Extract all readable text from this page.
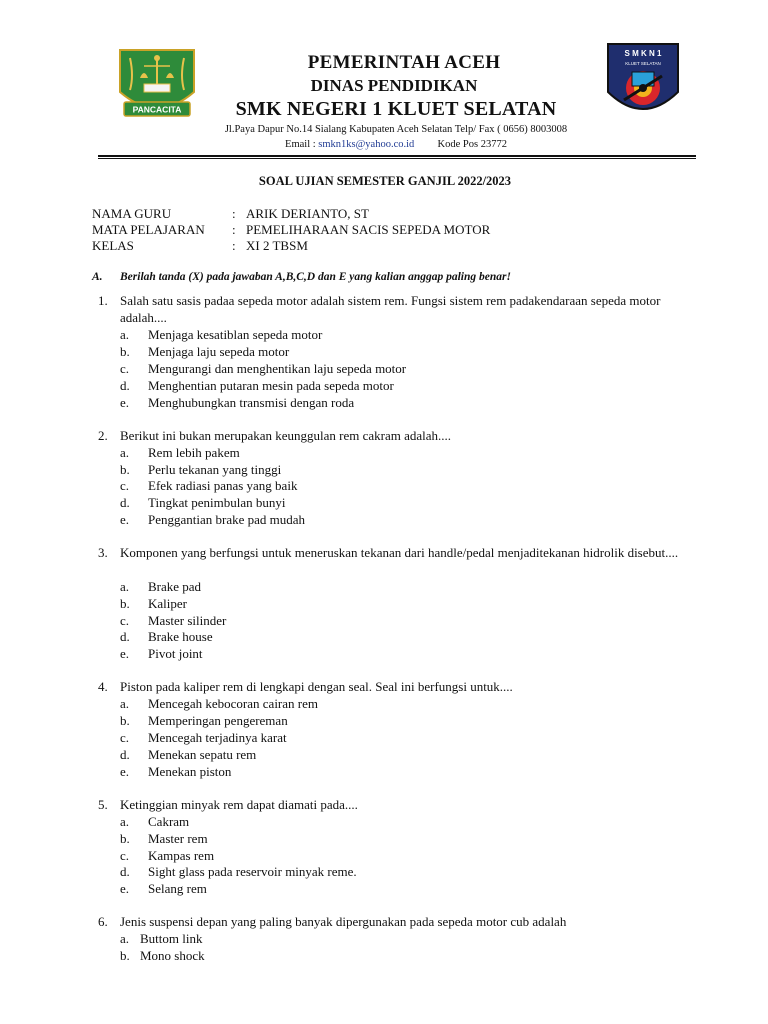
PANCACITA
S M K N 1
KLUET SELATAN
PEMERINTAH ACEH
DINAS PENDIDIKAN
SMK NEGERI 1 KLUET SELATAN
Jl.Paya Dapur No.14 Sialang Kabupaten Aceh Selatan Telp/ Fax ( 0656) 8003008
Email : smkn1ks@yahoo.co.id Kode Pos 23772
SOAL UJIAN SEMESTER GANJIL 2022/2023
NAMA GURU	: ARIK DERIANTO, ST
MATA PELAJARAN	: PEMELIHARAAN SACIS SEPEDA MOTOR
KELAS	: XI 2 TBSM
A. Berilah tanda (X) pada jawaban A,B,C,D dan E yang kalian anggap paling benar!
1. Salah satu sasis padaa sepeda motor adalah sistem rem. Fungsi sistem rem padakendaraan sepeda motor adalah....
a. Menjaga kesatiblan sepeda motor
b. Menjaga laju sepeda motor
c. Mengurangi dan menghentikan laju sepeda motor
d. Menghentian putaran mesin pada sepeda motor
e. Menghubungkan transmisi dengan roda
2. Berikut ini bukan merupakan keunggulan rem cakram adalah....
a. Rem lebih pakem
b. Perlu tekanan yang tinggi
c. Efek radiasi panas yang baik
d. Tingkat penimbulan bunyi
e. Penggantian brake pad mudah
3. Komponen yang berfungsi untuk meneruskan tekanan dari handle/pedal menjaditekanan hidrolik disebut....
a. Brake pad
b. Kaliper
c. Master silinder
d. Brake house
e. Pivot joint
4. Piston pada kaliper rem di lengkapi dengan seal. Seal ini berfungsi untuk....
a. Mencegah kebocoran cairan rem
b. Memperingan pengereman
c. Mencegah terjadinya karat
d. Menekan sepatu rem
e. Menekan piston
5. Ketinggian minyak rem dapat diamati pada....
a. Cakram
b. Master rem
c. Kampas rem
d. Sight glass pada reservoir minyak reme.
e. Selang rem
6. Jenis suspensi depan yang paling banyak dipergunakan pada sepeda motor cub adalah
a. Buttom link
b. Mono shock
